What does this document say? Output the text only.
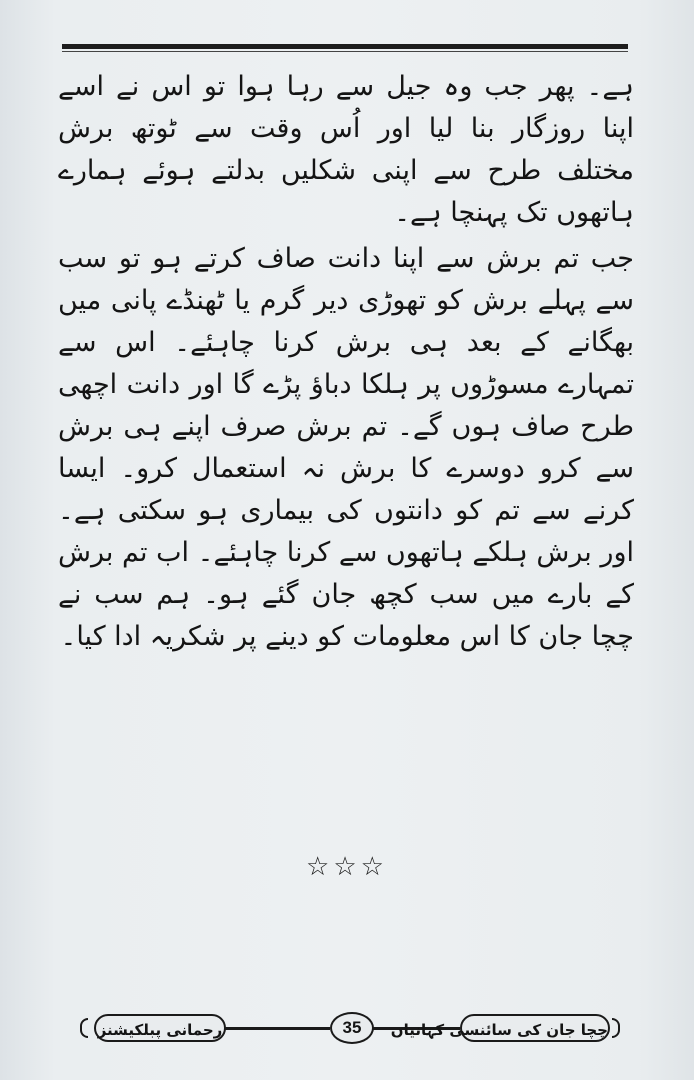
ہے۔ پھر جب وہ جیل سے رہا ہوا تو اس نے اسے اپنا روزگار بنا لیا اور اُس وقت سے ٹوتھ برش مختلف طرح سے اپنی شکلیں بدلتے ہوئے ہمارے ہاتھوں تک پہنچا ہے۔

جب تم برش سے اپنا دانت صاف کرتے ہو تو سب سے پہلے برش کو تھوڑی دیر گرم یا ٹھنڈے پانی میں بھگانے کے بعد ہی برش کرنا چاہئے۔ اس سے تمہارے مسوڑوں پر ہلکا دباؤ پڑے گا اور دانت اچھی طرح صاف ہوں گے۔ تم برش صرف اپنے ہی برش سے کرو دوسرے کا برش نہ استعمال کرو۔ ایسا کرنے سے تم کو دانتوں کی بیماری ہو سکتی ہے۔ اور برش ہلکے ہاتھوں سے کرنا چاہئے۔ اب تم برش کے بارے میں سب کچھ جان گئے ہو۔ ہم سب نے چچا جان کا اس معلومات کو دینے پر شکریہ ادا کیا۔

☆☆☆
رحمانی پبلکیشنز	35	چچا جان کی سائنسی کہانیاں
